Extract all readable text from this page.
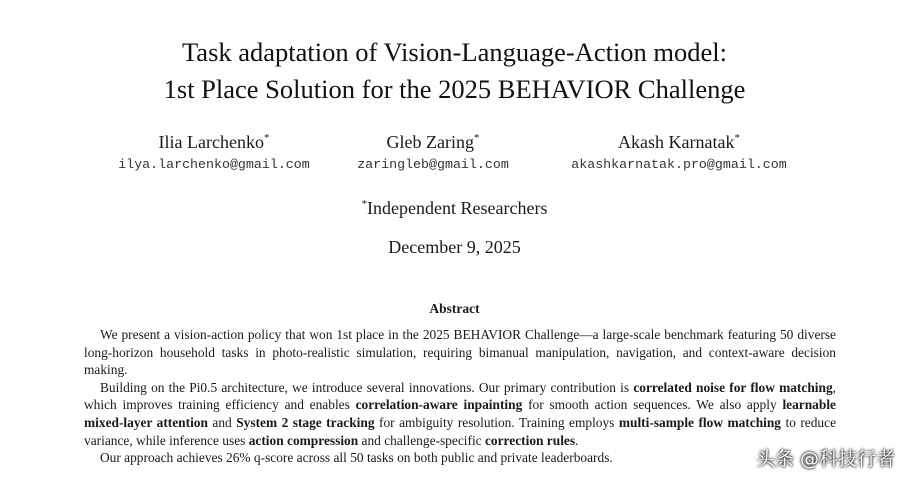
Task adaptation of Vision-Language-Action model:
1st Place Solution for the 2025 BEHAVIOR Challenge
Ilia Larchenko*
ilya.larchenko@gmail.com
Gleb Zaring*
zaringleb@gmail.com
Akash Karnatak*
akashkarnatak.pro@gmail.com
*Independent Researchers
December 9, 2025
Abstract

We present a vision-action policy that won 1st place in the 2025 BEHAVIOR Challenge—a large-scale benchmark featuring 50 diverse long-horizon household tasks in photo-realistic simulation, requiring bimanual manipulation, navigation, and context-aware decision making.

Building on the Pi0.5 architecture, we introduce several innovations. Our primary contribution is correlated noise for flow matching, which improves training efficiency and enables correlation-aware inpainting for smooth action sequences. We also apply learnable mixed-layer attention and System 2 stage tracking for ambiguity resolution. Training employs multi-sample flow matching to reduce variance, while inference uses action compression and challenge-specific correction rules.

Our approach achieves 26% q-score across all 50 tasks on both public and private leaderboards.	头条 @科技行者
